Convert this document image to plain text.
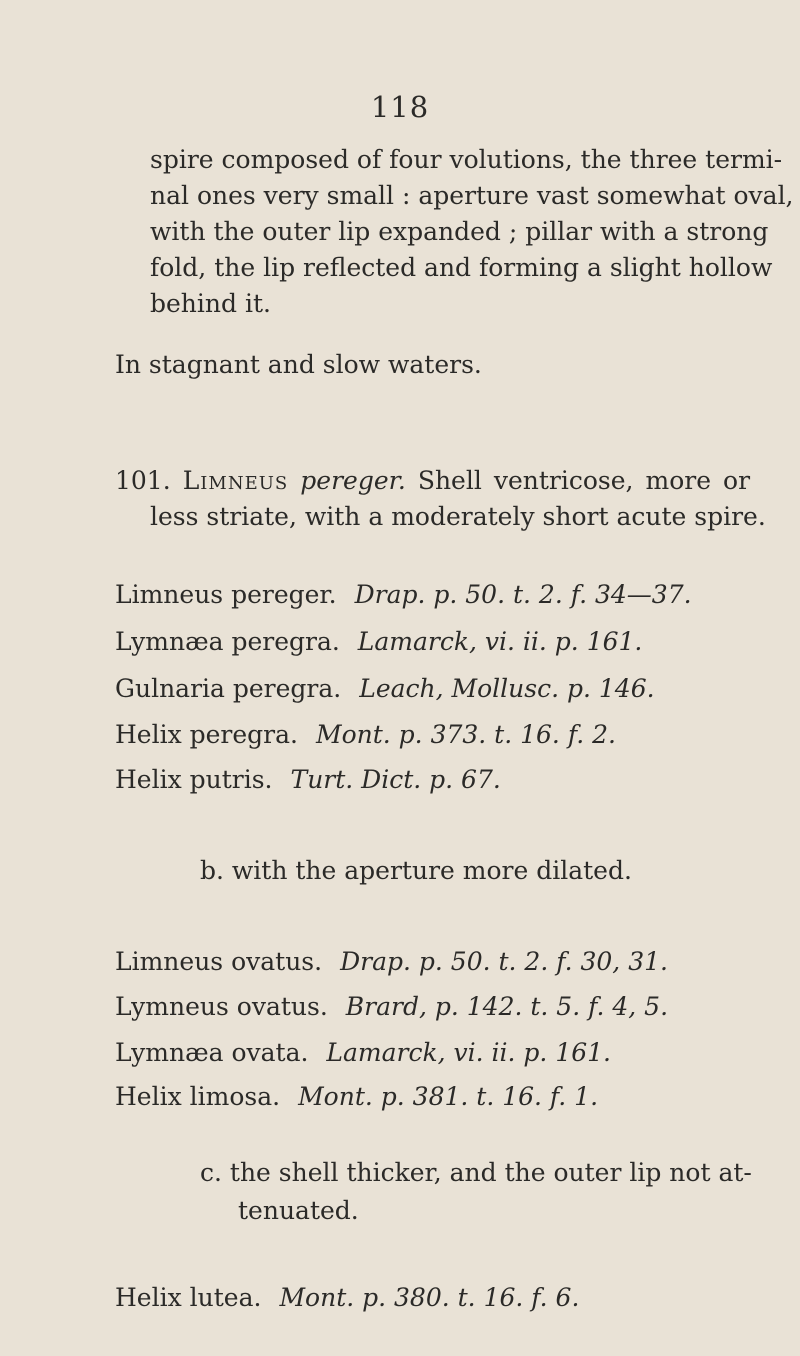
118
spire composed of four volutions, the three termi-
nal ones very small : aperture vast somewhat oval,
with the outer lip expanded ; pillar with a strong
fold, the lip reflected and forming a slight hollow
behind it.

In stagnant and slow waters.

101. Limneus pereger. Shell ventricose, more or
less striate, with a moderately short acute spire.

Limneus pereger. Drap. p. 50. t. 2. f. 34—37.

Lymnæa peregra. Lamarck, vi. ii. p. 161.

Gulnaria peregra. Leach, Mollusc. p. 146.

Helix peregra. Mont. p. 373. t. 16. f. 2.

Helix putris. Turt. Dict. p. 67.

b. with the aperture more dilated.

Limneus ovatus. Drap. p. 50. t. 2. f. 30, 31.

Lymneus ovatus. Brard, p. 142. t. 5. f. 4, 5.

Lymnæa ovata. Lamarck, vi. ii. p. 161.

Helix limosa. Mont. p. 381. t. 16. f. 1.

c. the shell thicker, and the outer lip not at-
tenuated.

Helix lutea. Mont. p. 380. t. 16. f. 6.
